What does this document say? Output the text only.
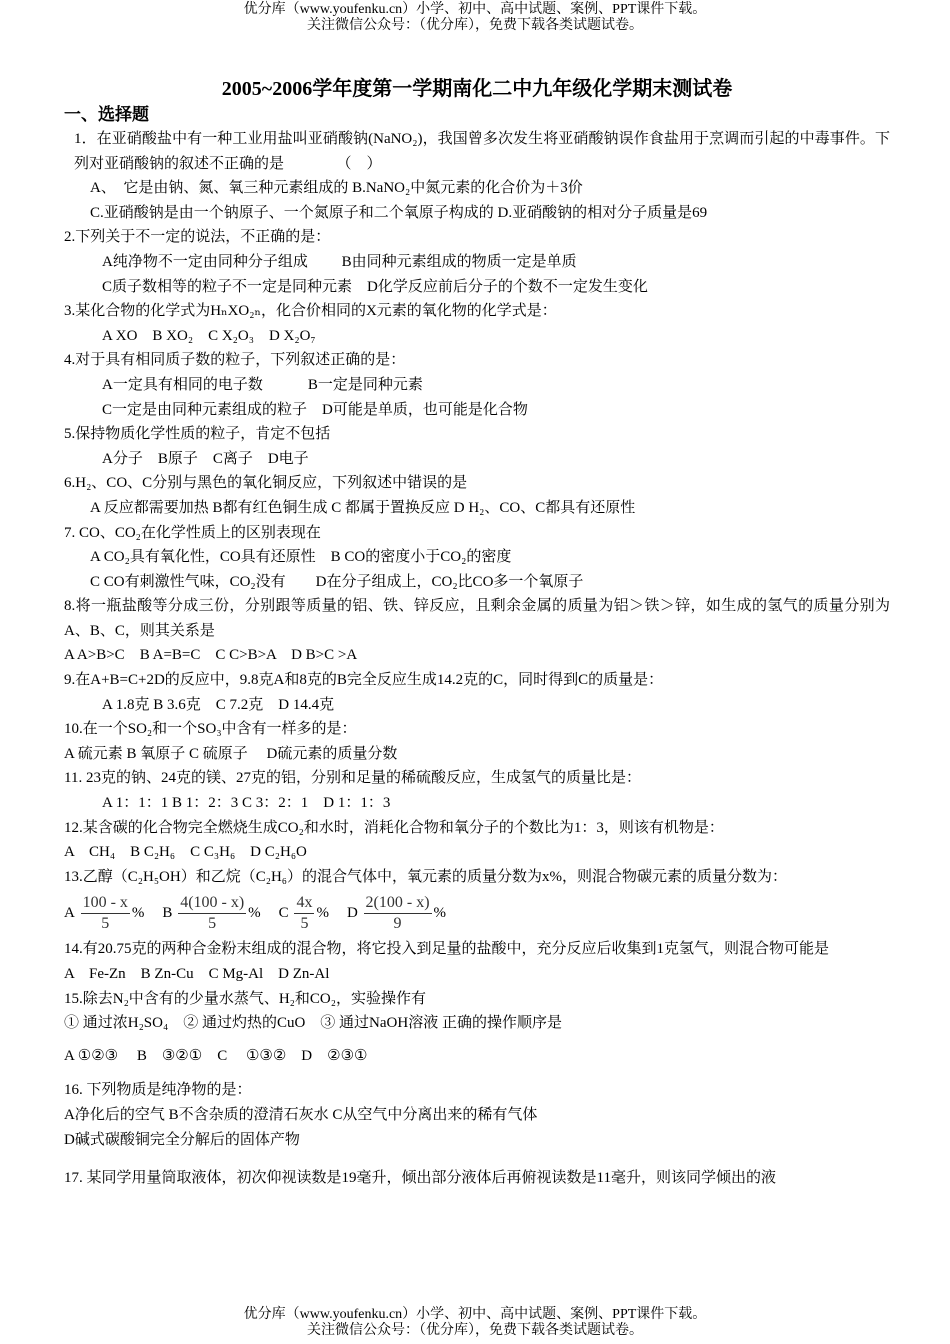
优分库（www.youfenku.cn）小学、初中、高中试题、案例、PPT课件下载。
关注微信公众号：（优分库），免费下载各类试题试卷。
2005~2006学年度第一学期南化二中九年级化学期末测试卷
一、选择题
1．在亚硝酸盐中有一种工业用盐叫亚硝酸钠(NaNO₂)，我国曾多次发生将亚硝酸钠误作食盐用于烹调而引起的中毒事件。下列对亚硝酸钠的叙述不正确的是　　　　（　）
A、　它是由钠、氮、氧三种元素组成的 B.NaNO₂中氮元素的化合价为＋3价
C.亚硝酸钠是由一个钠原子、一个氮原子和二个氧原子构成的 D.亚硝酸钠的相对分子质量是69
2.下列关于不一定的说法，不正确的是：
A纯净物不一定由同种分子组成　　 B由同种元素组成的物质一定是单质
C质子数相等的粒子不一定是同种元素　D化学反应前后分子的个数不一定发生变化
3.某化合物的化学式为HₙXO₂ₙ，化合价相同的X元素的氧化物的化学式是：
A XO　B XO₂　C X₂O₃　D X₂O₇
4.对于具有相同质子数的粒子，下列叙述正确的是：
A一定具有相同的电子数　　　B一定是同种元素
C一定是由同种元素组成的粒子　D可能是单质，也可能是化合物
5.保持物质化学性质的粒子，肯定不包括
A分子　B原子　C离子　D电子
6.H₂、CO、C分别与黑色的氧化铜反应，下列叙述中错误的是
A 反应都需要加热 B都有红色铜生成 C 都属于置换反应 D H₂、CO、C都具有还原性
7. CO、CO₂在化学性质上的区别表现在
A CO₂具有氧化性，CO具有还原性　B CO的密度小于CO₂的密度
C CO有刺激性气味，CO₂没有　　D在分子组成上，CO₂比CO多一个氧原子
8.将一瓶盐酸等分成三份，分别跟等质量的铝、铁、锌反应，且剩余金属的质量为铝＞铁＞锌，如生成的氢气的质量分别为A、B、C，则其关系是
A A>B>C　B A=B=C　C C>B>A　D B>C >A
9.在A+B=C+2D的反应中，9.8克A和8克的B完全反应生成14.2克的C，同时得到C的质量是：
A 1.8克 B 3.6克　C 7.2克　D 14.4克
10.在一个SO₂和一个SO₃中含有一样多的是：
A 硫元素 B 氧原子 C 硫原子　 D硫元素的质量分数
11. 23克的钠、24克的镁、27克的铝，分别和足量的稀硫酸反应，生成氢气的质量比是：
A 1：1：1 B 1：2：3 C 3：2：1　D 1：1：3
12.某含碳的化合物完全燃烧生成CO₂和水时，消耗化合物和氧分子的个数比为1：3，则该有机物是：
A　CH₄　B C₂H₆　C C₃H₆　D C₂H₆O
13.乙醇（C₂H₅OH）和乙烷（C₂H₆）的混合气体中，氧元素的质量分数为x%，则混合物碳元素的质量分数为：
A
$\frac{100 - x}{5}$ % B
$\frac{4(100 - x)}{5}$ % C
$\frac{4x}{5}$ % D
$\frac{2(100 - x)}{9}$ %
14.有20.75克的两种合金粉末组成的混合物，将它投入到足量的盐酸中，充分反应后收集到1克氢气，则混合物可能是
A　Fe-Zn　B Zn-Cu　C Mg-Al　D Zn-Al
15.除去N₂中含有的少量水蒸气、H₂和CO₂，实验操作有
① 通过浓H₂SO₄　② 通过灼热的CuO　③ 通过NaOH溶液 正确的操作顺序是
A ①②③　 B　③②①　C　 ①③②　D　②③①
16. 下列物质是纯净物的是：
A净化后的空气 B不含杂质的澄清石灰水 C从空气中分离出来的稀有气体
D碱式碳酸铜完全分解后的固体产物
17. 某同学用量筒取液体，初次仰视读数是19毫升，倾出部分液体后再俯视读数是11毫升，则该同学倾出的液
优分库（www.youfenku.cn）小学、初中、高中试题、案例、PPT课件下载。
关注微信公众号：（优分库），免费下载各类试题试卷。
